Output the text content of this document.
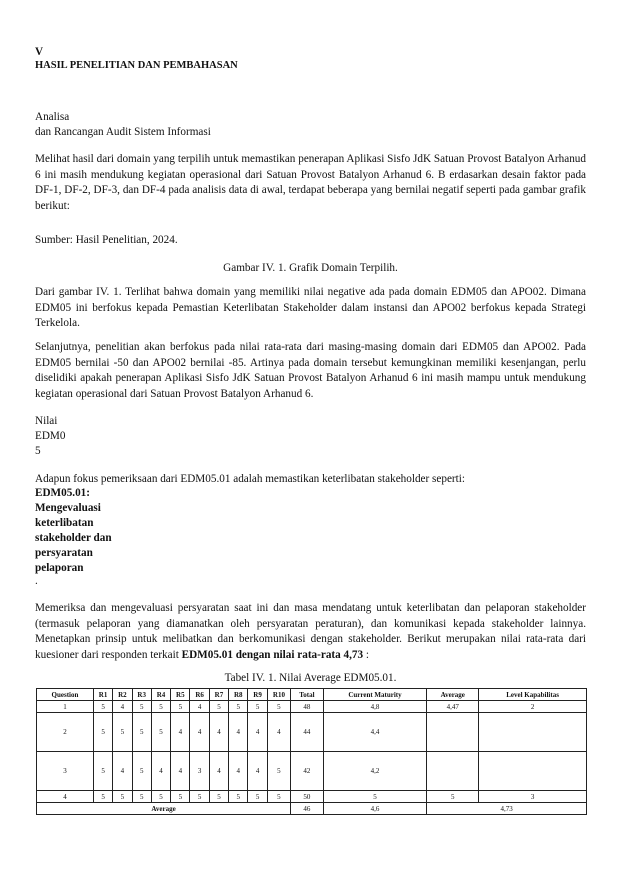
V
HASIL PENELITIAN DAN PEMBAHASAN
Analisa
dan Rancangan Audit Sistem Informasi
Melihat hasil dari domain yang terpilih untuk memastikan penerapan Aplikasi Sisfo JdK Satuan Provost Batalyon Arhanud 6 ini masih mendukung kegiatan operasional dari Satuan Provost Batalyon Arhanud 6. B erdasarkan desain faktor pada DF-1, DF-2, DF-3, dan DF-4 pada analisis data di awal, terdapat beberapa yang bernilai negatif seperti pada gambar grafik berikut:
Sumber: Hasil Penelitian, 2024.
Gambar IV. 1. Grafik Domain Terpilih.
Dari gambar IV. 1. Terlihat bahwa domain yang memiliki nilai negative ada pada domain EDM05 dan APO02. Dimana EDM05 ini berfokus kepada Pemastian Keterlibatan Stakeholder dalam instansi dan APO02 berfokus kepada Strategi Terkelola.
Selanjutnya, penelitian akan berfokus pada nilai rata-rata dari masing-masing domain dari EDM05 dan APO02. Pada EDM05 bernilai -50 dan APO02 bernilai -85. Artinya pada domain tersebut kemungkinan memiliki kesenjangan, perlu diselidiki apakah penerapan Aplikasi Sisfo JdK Satuan Provost Batalyon Arhanud 6 ini masih mampu untuk mendukung kegiatan operasional dari Satuan Provost Batalyon Arhanud 6.
Nilai
EDM0
5
Adapun fokus pemeriksaan dari EDM05.01 adalah memastikan keterlibatan stakeholder seperti:
EDM05.01:
Mengevaluasi
keterlibatan
stakeholder dan
persyaratan
pelaporan
.
Memeriksa dan mengevaluasi persyaratan saat ini dan masa mendatang untuk keterlibatan dan pelaporan stakeholder (termasuk pelaporan yang diamanatkan oleh persyaratan peraturan), dan komunikasi kepada stakeholder lainnya. Menetapkan prinsip untuk melibatkan dan berkomunikasi dengan stakeholder. Berikut merupakan nilai rata-rata dari kuesioner dari responden terkait EDM05.01 dengan nilai rata-rata 4,73 :
Tabel IV. 1. Nilai Average EDM05.01.
Question	R1	R2	R3	R4	R5	R6	R7	R8	R9	R10	Total	Current Maturity	Average	Level Kapabilitas
1	5	4	5	5	5	4	5	5	5	5	48	4,8	4,47	2
2	5	5	5	5	4	4	4	4	4	4	44	4,4		
3	5	4	5	4	4	3	4	4	4	5	42	4,2		
4	5	5	5	5	5	5	5	5	5	5	50	5	5	3
Average											46	4,6	4,73	
